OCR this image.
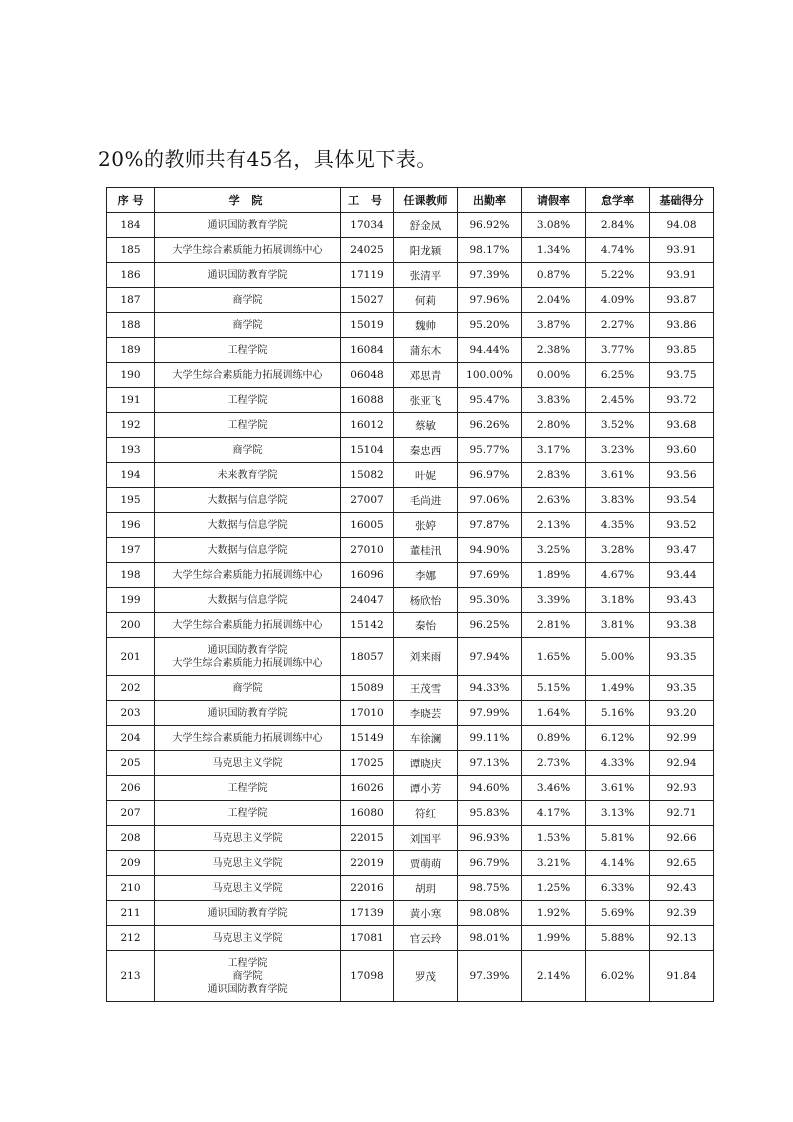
20%的教师共有45名，具体见下表。
序 号	学 院	工 号	任课教师	出勤率	请假率	怠学率	基础得分
184	通识国防教育学院	17034	舒金凤	96.92%	3.08%	2.84%	94.08
185	大学生综合素质能力拓展训练中心	24025	阳龙颍	98.17%	1.34%	4.74%	93.91
186	通识国防教育学院	17119	张清平	97.39%	0.87%	5.22%	93.91
187	商学院	15027	何莉	97.96%	2.04%	4.09%	93.87
188	商学院	15019	魏帅	95.20%	3.87%	2.27%	93.86
189	工程学院	16084	蒲东木	94.44%	2.38%	3.77%	93.85
190	大学生综合素质能力拓展训练中心	06048	邓思青	100.00%	0.00%	6.25%	93.75
191	工程学院	16088	张亚飞	95.47%	3.83%	2.45%	93.72
192	工程学院	16012	蔡敏	96.26%	2.80%	3.52%	93.68
193	商学院	15104	秦忠西	95.77%	3.17%	3.23%	93.60
194	未来教育学院	15082	叶妮	96.97%	2.83%	3.61%	93.56
195	大数据与信息学院	27007	毛尚进	97.06%	2.63%	3.83%	93.54
196	大数据与信息学院	16005	张婷	97.87%	2.13%	4.35%	93.52
197	大数据与信息学院	27010	董桂汛	94.90%	3.25%	3.28%	93.47
198	大学生综合素质能力拓展训练中心	16096	李娜	97.69%	1.89%	4.67%	93.44
199	大数据与信息学院	24047	杨欣怡	95.30%	3.39%	3.18%	93.43
200	大学生综合素质能力拓展训练中心	15142	秦怡	96.25%	2.81%	3.81%	93.38
201	通识国防教育学院
大学生综合素质能力拓展训练中心	18057	刘来雨	97.94%	1.65%	5.00%	93.35
202	商学院	15089	王茂雪	94.33%	5.15%	1.49%	93.35
203	通识国防教育学院	17010	李晓芸	97.99%	1.64%	5.16%	93.20
204	大学生综合素质能力拓展训练中心	15149	车徐澜	99.11%	0.89%	6.12%	92.99
205	马克思主义学院	17025	谭晓庆	97.13%	2.73%	4.33%	92.94
206	工程学院	16026	谭小芳	94.60%	3.46%	3.61%	92.93
207	工程学院	16080	符红	95.83%	4.17%	3.13%	92.71
208	马克思主义学院	22015	刘国平	96.93%	1.53%	5.81%	92.66
209	马克思主义学院	22019	贾萌萌	96.79%	3.21%	4.14%	92.65
210	马克思主义学院	22016	胡玥	98.75%	1.25%	6.33%	92.43
211	通识国防教育学院	17139	黄小寒	98.08%	1.92%	5.69%	92.39
212	马克思主义学院	17081	官云玲	98.01%	1.99%	5.88%	92.13
213	工程学院
商学院
通识国防教育学院	17098	罗茂	97.39%	2.14%	6.02%	91.84
